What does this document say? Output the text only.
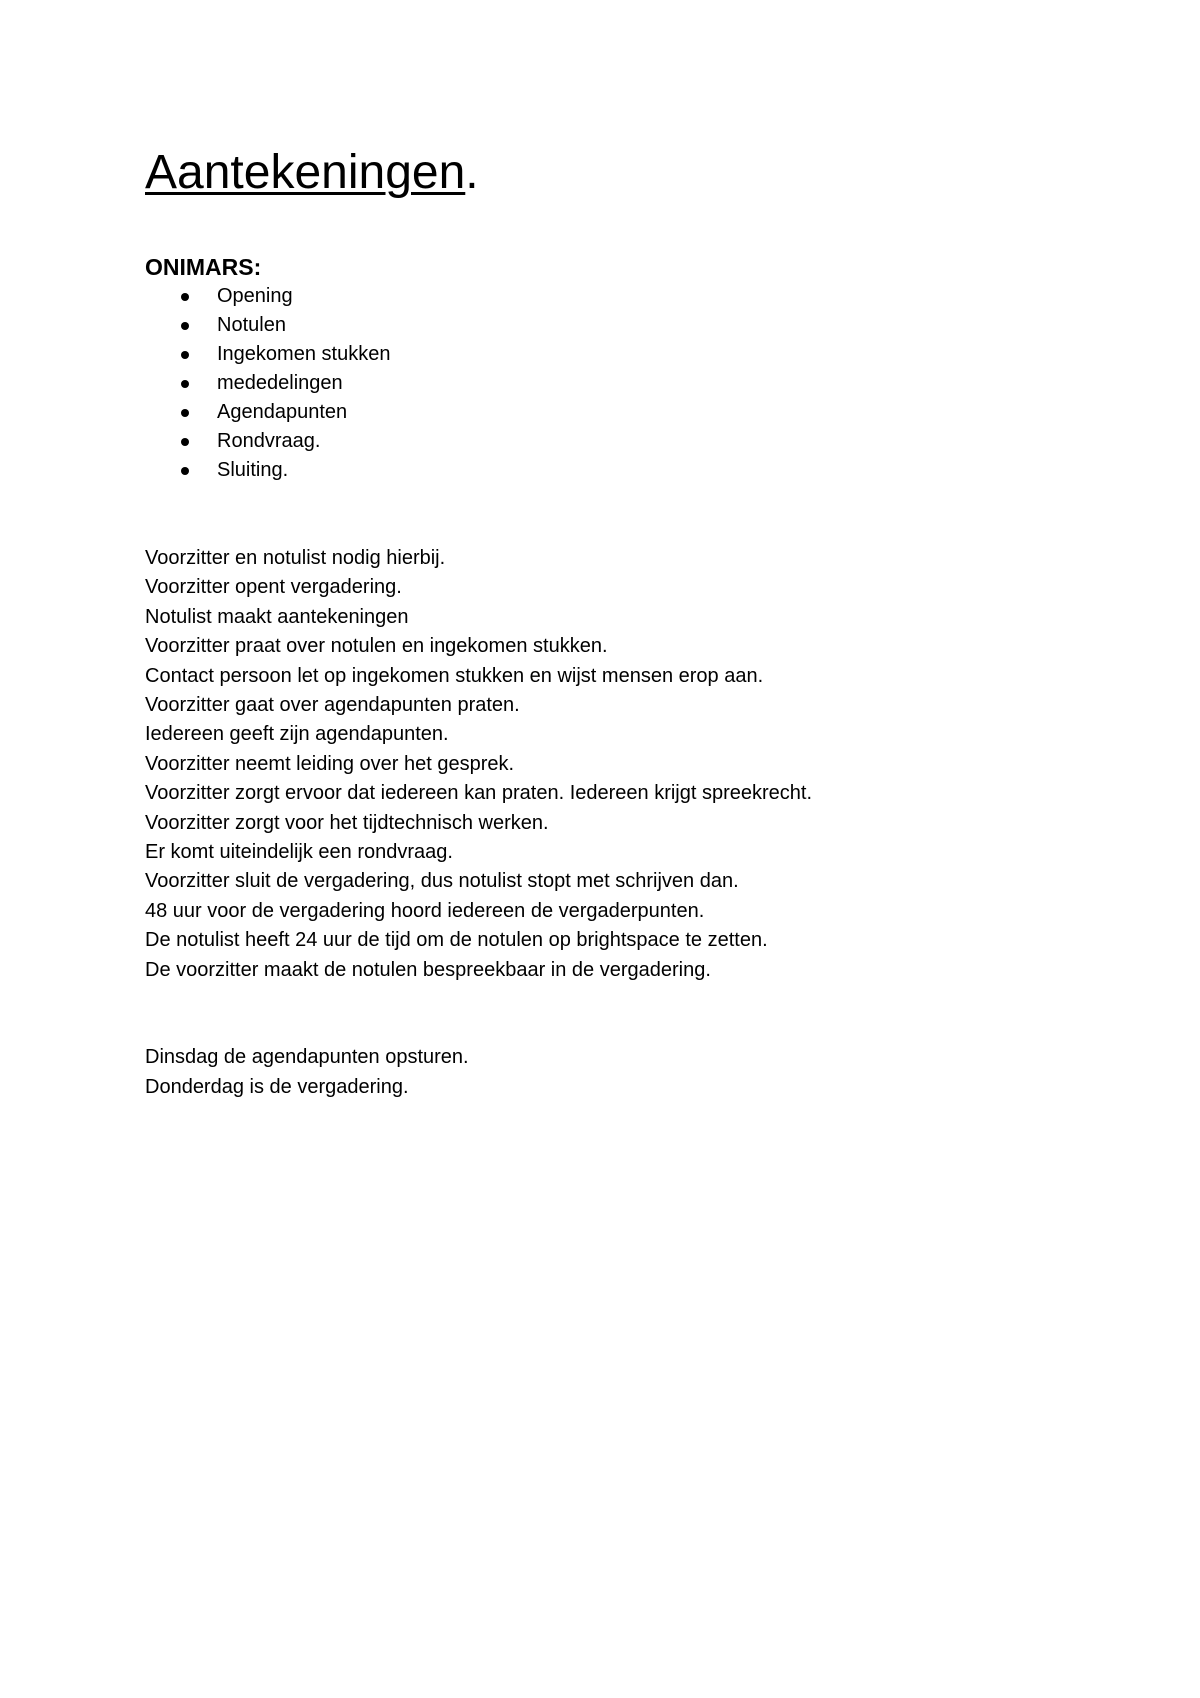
Aantekeningen.
ONIMARS:
Opening
Notulen
Ingekomen stukken
mededelingen
Agendapunten
Rondvraag.
Sluiting.

Voorzitter en notulist nodig hierbij.

Voorzitter opent vergadering.

Notulist maakt aantekeningen

Voorzitter praat over notulen en ingekomen stukken.

Contact persoon let op ingekomen stukken en wijst mensen erop aan.

Voorzitter gaat over agendapunten praten.

Iedereen geeft zijn agendapunten.

Voorzitter neemt leiding over het gesprek.

Voorzitter zorgt ervoor dat iedereen kan praten. Iedereen krijgt spreekrecht.

Voorzitter zorgt voor het tijdtechnisch werken.

Er komt uiteindelijk een rondvraag.

Voorzitter sluit de vergadering, dus notulist stopt met schrijven dan.

48 uur voor de vergadering hoord iedereen de vergaderpunten.

De notulist heeft 24 uur de tijd om de notulen op brightspace te zetten.

De voorzitter maakt de notulen bespreekbaar in de vergadering.

Dinsdag de agendapunten opsturen.

Donderdag is de vergadering.
